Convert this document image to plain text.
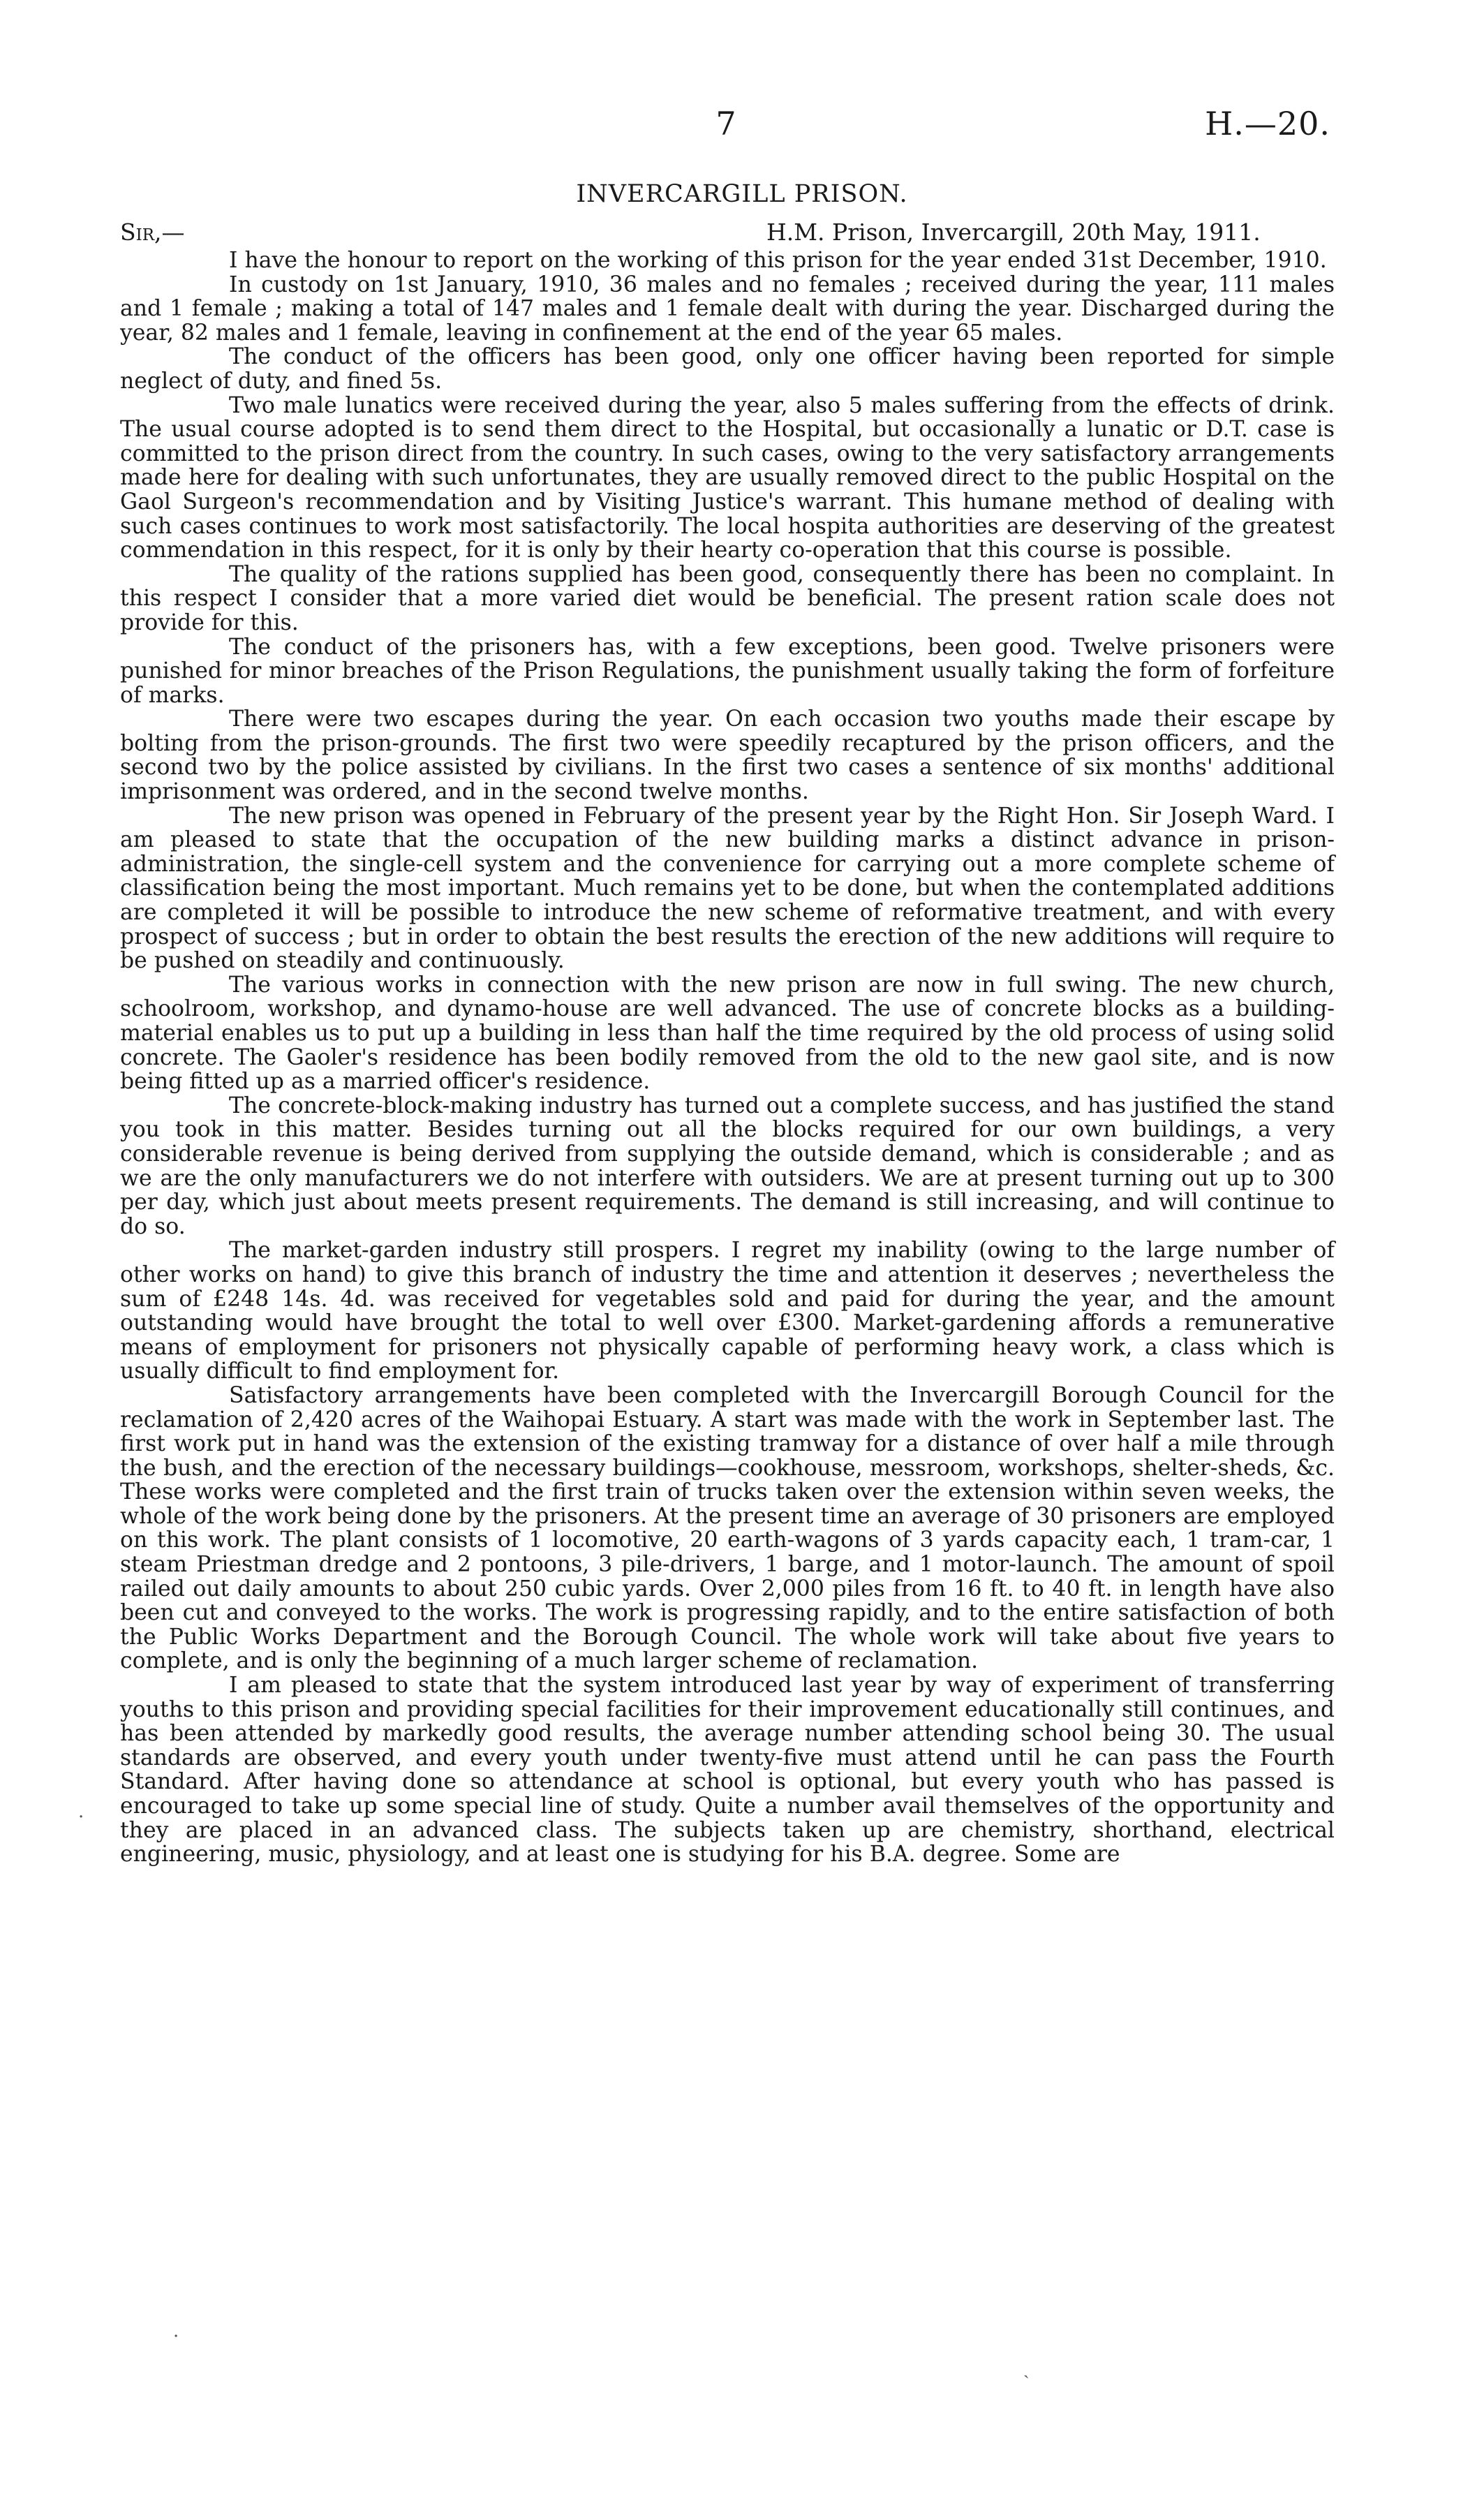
7	H.—20.
INVERCARGILL PRISON.
Sir,—	H.M. Prison, Invercargill, 20th May, 1911.

I have the honour to report on the working of this prison for the year ended 31st December, 1910.

In custody on 1st January, 1910, 36 males and no females ; received during the year, 111 males and 1 female ; making a total of 147 males and 1 female dealt with during the year. Discharged during the year, 82 males and 1 female, leaving in confinement at the end of the year 65 males.

The conduct of the officers has been good, only one officer having been reported for simple neglect of duty, and fined 5s.

Two male lunatics were received during the year, also 5 males suffering from the effects of drink. The usual course adopted is to send them direct to the Hospital, but occasionally a lunatic or D.T. case is committed to the prison direct from the country. In such cases, owing to the very satisfactory arrangements made here for dealing with such unfortunates, they are usually removed direct to the public Hospital on the Gaol Surgeon's recommendation and by Visiting Justice's warrant. This humane method of dealing with such cases continues to work most satisfactorily. The local hospita authorities are deserving of the greatest commendation in this respect, for it is only by their hearty co-operation that this course is possible.

The quality of the rations supplied has been good, consequently there has been no complaint. In this respect I consider that a more varied diet would be beneficial. The present ration scale does not provide for this.

The conduct of the prisoners has, with a few exceptions, been good. Twelve prisoners were punished for minor breaches of the Prison Regulations, the punishment usually taking the form of forfeiture of marks.

There were two escapes during the year. On each occasion two youths made their escape by bolting from the prison-grounds. The first two were speedily recaptured by the prison officers, and the second two by the police assisted by civilians. In the first two cases a sentence of six months' additional imprisonment was ordered, and in the second twelve months.

The new prison was opened in February of the present year by the Right Hon. Sir Joseph Ward. I am pleased to state that the occupation of the new building marks a distinct advance in prison-administration, the single-cell system and the convenience for carrying out a more complete scheme of classification being the most important. Much remains yet to be done, but when the contemplated additions are completed it will be possible to introduce the new scheme of reformative treatment, and with every prospect of success ; but in order to obtain the best results the erection of the new additions will require to be pushed on steadily and continuously.

The various works in connection with the new prison are now in full swing. The new church, schoolroom, workshop, and dynamo-house are well advanced. The use of concrete blocks as a building-material enables us to put up a building in less than half the time required by the old process of using solid concrete. The Gaoler's residence has been bodily removed from the old to the new gaol site, and is now being fitted up as a married officer's residence.

The concrete-block-making industry has turned out a complete success, and has justified the stand you took in this matter. Besides turning out all the blocks required for our own buildings, a very considerable revenue is being derived from supplying the outside demand, which is considerable ; and as we are the only manufacturers we do not interfere with outsiders. We are at present turning out up to 300 per day, which just about meets present requirements. The demand is still increasing, and will continue to do so.

The market-garden industry still prospers. I regret my inability (owing to the large number of other works on hand) to give this branch of industry the time and attention it deserves ; nevertheless the sum of £248 14s. 4d. was received for vegetables sold and paid for during the year, and the amount outstanding would have brought the total to well over £300. Market-gardening affords a remunerative means of employment for prisoners not physically capable of performing heavy work, a class which is usually difficult to find employment for.

Satisfactory arrangements have been completed with the Invercargill Borough Council for the reclamation of 2,420 acres of the Waihopai Estuary. A start was made with the work in September last. The first work put in hand was the extension of the existing tramway for a distance of over half a mile through the bush, and the erection of the necessary buildings—cookhouse, messroom, workshops, shelter-sheds, &c. These works were completed and the first train of trucks taken over the extension within seven weeks, the whole of the work being done by the prisoners. At the present time an average of 30 prisoners are employed on this work. The plant consists of 1 locomotive, 20 earth-wagons of 3 yards capacity each, 1 tram-car, 1 steam Priestman dredge and 2 pontoons, 3 pile-drivers, 1 barge, and 1 motor-launch. The amount of spoil railed out daily amounts to about 250 cubic yards. Over 2,000 piles from 16 ft. to 40 ft. in length have also been cut and conveyed to the works. The work is progressing rapidly, and to the entire satisfaction of both the Public Works Department and the Borough Council. The whole work will take about five years to complete, and is only the beginning of a much larger scheme of reclamation.

I am pleased to state that the system introduced last year by way of experiment of transferring youths to this prison and providing special facilities for their improvement educationally still continues, and has been attended by markedly good results, the average number attending school being 30. The usual standards are observed, and every youth under twenty-five must attend until he can pass the Fourth Standard. After having done so attendance at school is optional, but every youth who has passed is encouraged to take up some special line of study. Quite a number avail themselves of the opportunity and they are placed in an advanced class. The subjects taken up are chemistry, shorthand, electrical engineering, music, physiology, and at least one is studying for his B.A. degree. Some are

·
·
ˎ
